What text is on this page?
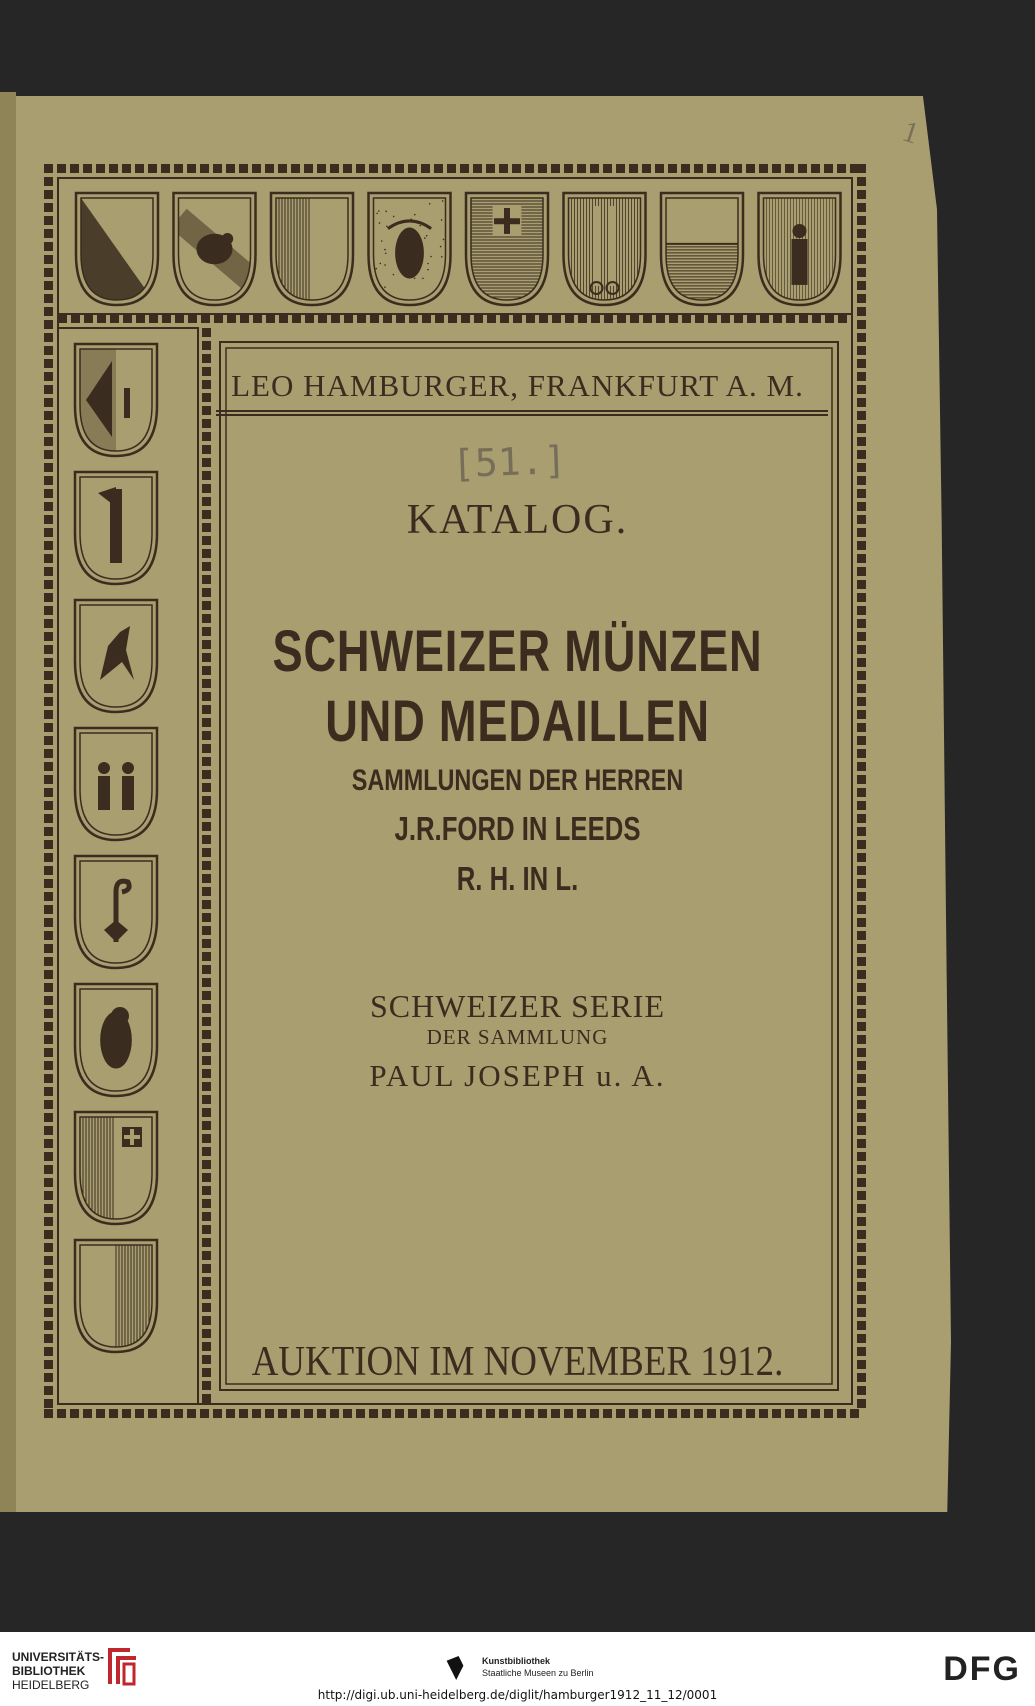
1
LEO HAMBURGER, FRANKFURT A. M.
[51.]
KATALOG.
SCHWEIZER MÜNZEN
UND MEDAILLEN
SAMMLUNGEN DER HERREN
J.R.FORD IN LEEDS
R. H. IN L.
SCHWEIZER SERIE
DER SAMMLUNG
PAUL JOSEPH u. A.
AUKTION IM NOVEMBER 1912.
UNIVERSITÄTS-
BIBLIOTHEK
HEIDELBERG
Kunstbibliothek
Staatliche Museen zu Berlin	DFG
http://digi.ub.uni-heidelberg.de/diglit/hamburger1912_11_12/0001
